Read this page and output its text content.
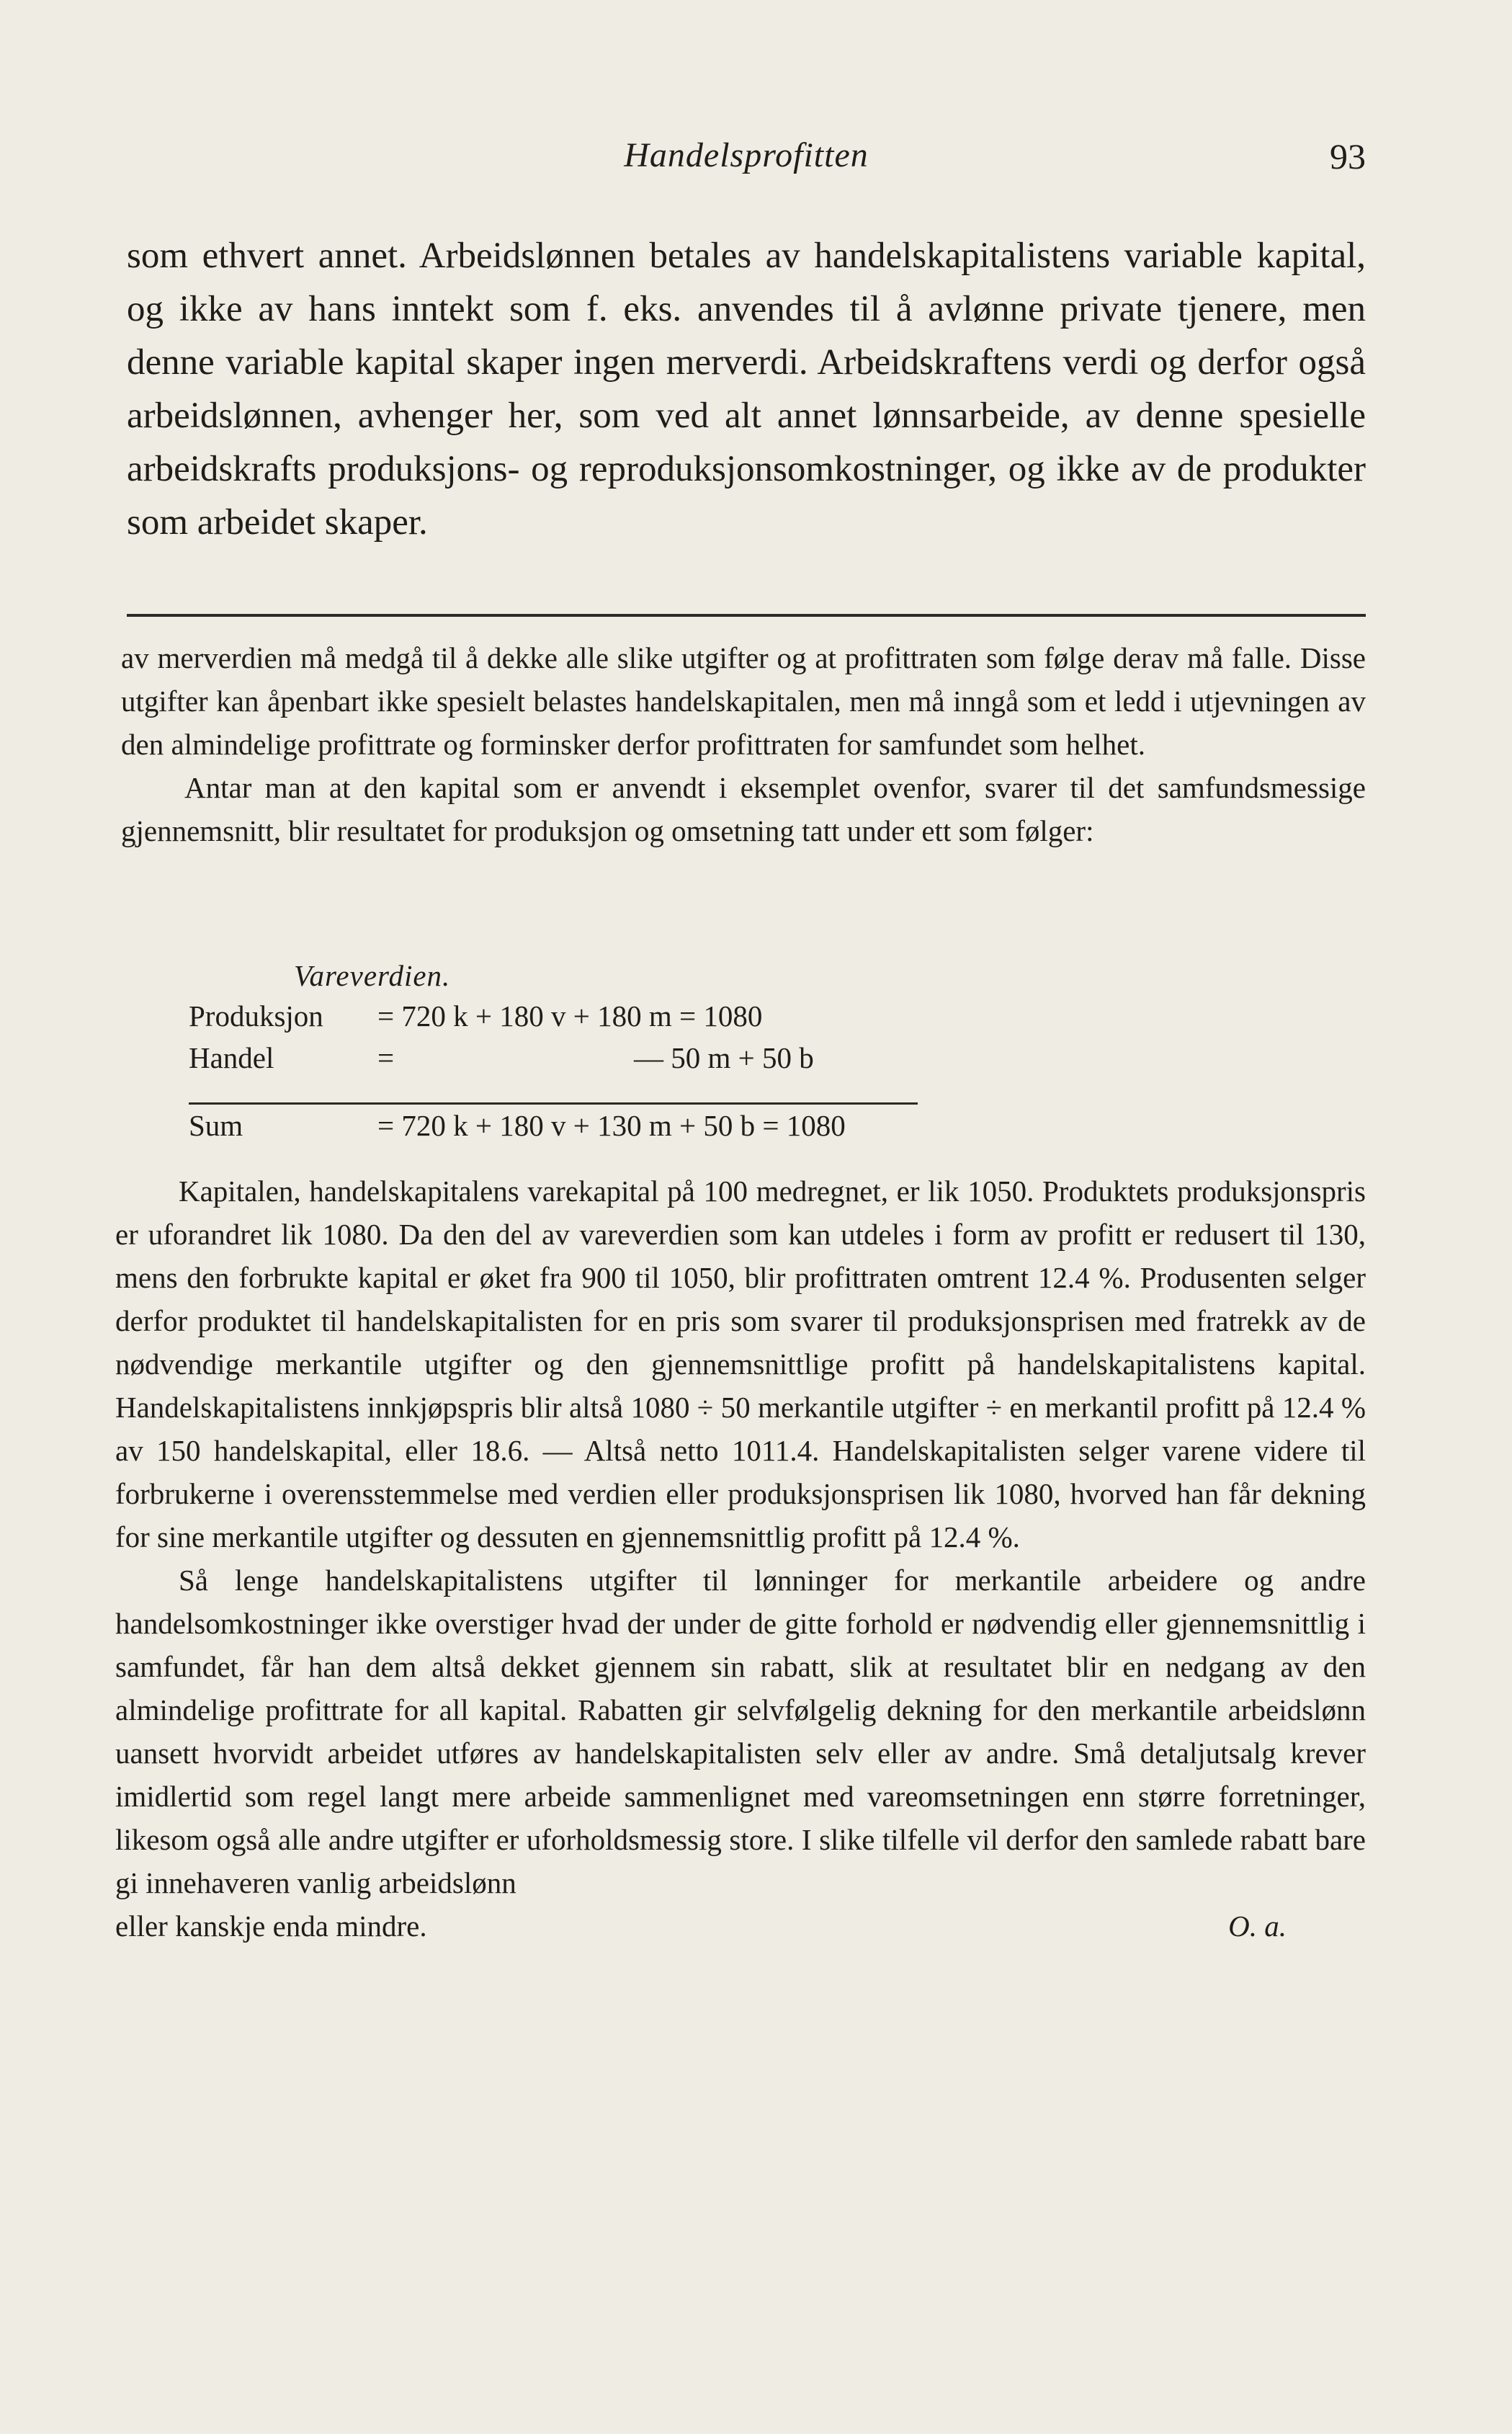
Handelsprofitten	93

som ethvert annet. Arbeidslønnen betales av handelskapitalistens variable kapital, og ikke av hans inntekt som f. eks. anvendes til å avlønne private tjenere, men denne variable kapital skaper ingen merverdi. Arbeidskraftens verdi og derfor også arbeidslønnen, avhenger her, som ved alt annet lønnsarbeide, av denne spesielle arbeidskrafts produksjons- og reproduksjonsomkostninger, og ikke av de produkter som arbeidet skaper.

av merverdien må medgå til å dekke alle slike utgifter og at profittraten som følge derav må falle. Disse utgifter kan åpenbart ikke spesielt belastes handelskapitalen, men må inngå som et ledd i utjevningen av den almindelige profittrate og forminsker derfor profittraten for samfundet som helhet.

Antar man at den kapital som er anvendt i eksemplet ovenfor, svarer til det samfundsmessige gjennemsnitt, blir resultatet for produksjon og omsetning tatt under ett som følger:

Vareverdien.
Produksjon = 720 k + 180 v + 180 m = 1080
Handel	=	— 50 m + 50 b
Sum	= 720 k + 180 v + 130 m + 50 b = 1080

Kapitalen, handelskapitalens varekapital på 100 medregnet, er lik 1050. Produktets produksjonspris er uforandret lik 1080. Da den del av vareverdien som kan utdeles i form av profitt er redusert til 130, mens den forbrukte kapital er øket fra 900 til 1050, blir profittraten omtrent 12.4 %. Produsenten selger derfor produktet til handelskapitalisten for en pris som svarer til produksjonsprisen med fratrekk av de nødvendige merkantile utgifter og den gjennemsnittlige profitt på handelskapitalistens kapital. Handelskapitalistens innkjøpspris blir altså 1080 ÷ 50 merkantile utgifter ÷ en merkantil profitt på 12.4 % av 150 handelskapital, eller 18.6. — Altså netto 1011.4. Handelskapitalisten selger varene videre til forbrukerne i overensstemmelse med verdien eller produksjonsprisen lik 1080, hvorved han får dekning for sine merkantile utgifter og dessuten en gjennemsnittlig profitt på 12.4 %.

Så lenge handelskapitalistens utgifter til lønninger for merkantile arbeidere og andre handelsomkostninger ikke overstiger hvad der under de gitte forhold er nødvendig eller gjennemsnittlig i samfundet, får han dem altså dekket gjennem sin rabatt, slik at resultatet blir en nedgang av den almindelige profittrate for all kapital. Rabatten gir selvfølgelig dekning for den merkantile arbeidslønn uansett hvorvidt arbeidet utføres av handelskapitalisten selv eller av andre. Små detaljutsalg krever imidlertid som regel langt mere arbeide sammenlignet med vareomsetningen enn større forretninger, likesom også alle andre utgifter er uforholdsmessig store. I slike tilfelle vil derfor den samlede rabatt bare gi innehaveren vanlig arbeidslønn

eller kanskje enda mindre.	O. a.
